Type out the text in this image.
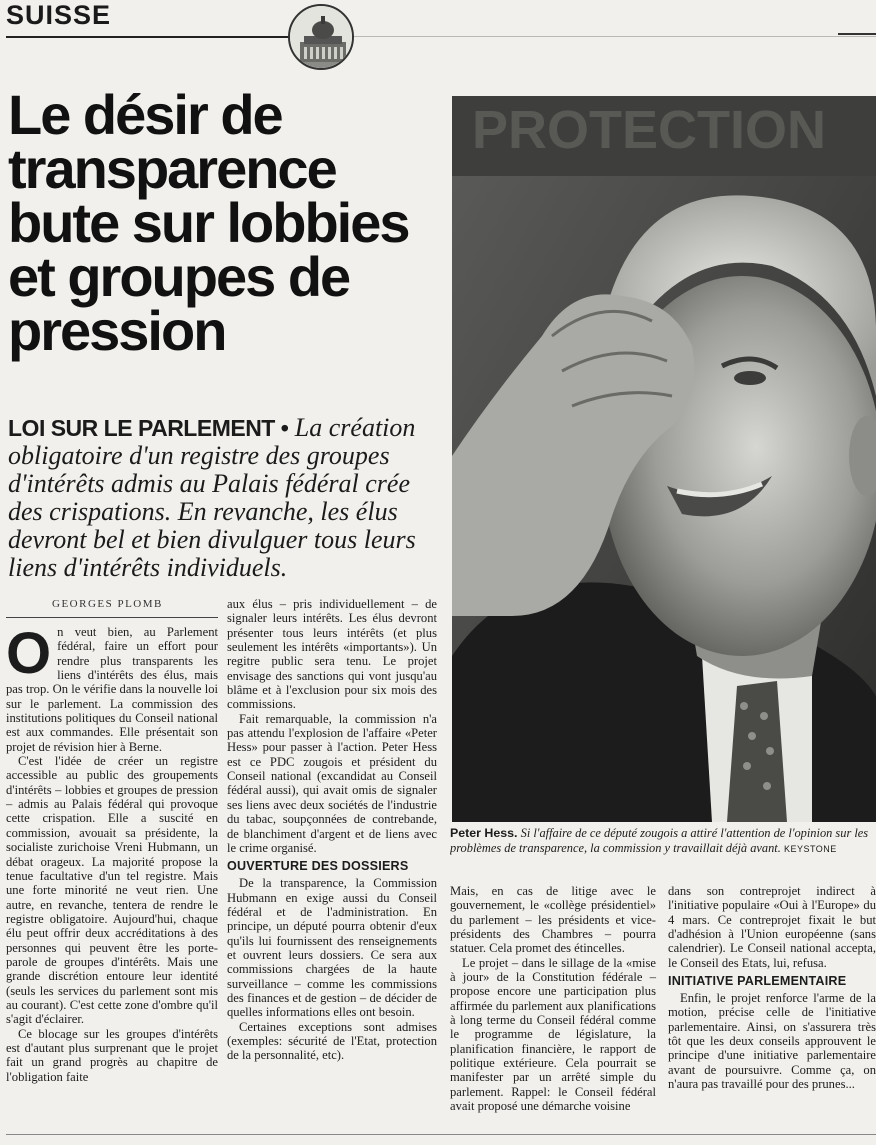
SUISSE
Le désir de transparence bute sur lobbies et groupes de pression
LOI SUR LE PARLEMENT • La création obligatoire d'un registre des groupes d'intérêts admis au Palais fédéral crée des crispations. En revanche, les élus devront bel et bien divulguer tous leurs liens d'intérêts individuels.
GEORGES PLOMB

On veut bien, au Parlement fédéral, faire un effort pour rendre plus transparents les liens d'intérêts des élus, mais pas trop. On le vérifie dans la nouvelle loi sur le parlement. La commission des institutions politiques du Conseil national est aux commandes. Elle présentait son projet de révision hier à Berne.

C'est l'idée de créer un registre accessible au public des groupements d'intérêts – lobbies et groupes de pression – admis au Palais fédéral qui provoque cette crispation. Elle a suscité en commission, avouait sa présidente, la socialiste zurichoise Vreni Hubmann, un débat orageux. La majorité propose la tenue facultative d'un tel registre. Mais une forte minorité ne veut rien. Une autre, en revanche, tentera de rendre le registre obligatoire. Aujourd'hui, chaque élu peut offrir deux accréditations à des personnes qui peuvent être les porte-parole de groupes d'intérêts. Mais une grande discrétion entoure leur identité (seuls les services du parlement sont mis au courant). C'est cette zone d'ombre qu'il s'agit d'éclairer.

Ce blocage sur les groupes d'intérêts est d'autant plus surprenant que le projet fait un grand progrès au chapitre de l'obligation faite

aux élus – pris individuellement – de signaler leurs intérêts. Les élus devront présenter tous leurs intérêts (et plus seulement les intérêts «importants»). Un regitre public sera tenu. Le projet envisage des sanctions qui vont jusqu'au blâme et à l'exclusion pour six mois des commissions.

Fait remarquable, la commission n'a pas attendu l'explosion de l'affaire «Peter Hess» pour passer à l'action. Peter Hess est ce PDC zougois et président du Conseil national (excandidat au Conseil fédéral aussi), qui avait omis de signaler ses liens avec deux sociétés de l'industrie du tabac, soupçonnées de contrebande, de blanchiment d'argent et de liens avec le crime organisé.

OUVERTURE DES DOSSIERS

De la transparence, la Commission Hubmann en exige aussi du Conseil fédéral et de l'administration. En principe, un député pourra obtenir d'eux qu'ils lui fournissent des renseignements et ouvrent leurs dossiers. Ce sera aux commissions chargées de la haute surveillance – comme les commissions des finances et de gestion – de décider de quelles informations elles ont besoin.

Certaines exceptions sont admises (exemples: sécurité de l'Etat, protection de la personnalité, etc).

PROTECTION
Peter Hess. Si l'affaire de ce député zougois a attiré l'attention de l'opinion sur les problèmes de transparence, la commission y travaillait déjà avant. KEYSTONE

Mais, en cas de litige avec le gouvernement, le «collège présidentiel» du parlement – les présidents et vice-présidents des Chambres – pourra statuer. Cela promet des étincelles.

Le projet – dans le sillage de la «mise à jour» de la Constitution fédérale – propose encore une participation plus affirmée du parlement aux planifications à long terme du Conseil fédéral comme le programme de législature, la planification financière, le rapport de politique extérieure. Cela pourrait se manifester par un arrêté simple du parlement. Rappel: le Conseil fédéral avait proposé une démarche voisine

dans son contreprojet indirect à l'initiative populaire «Oui à l'Europe» du 4 mars. Ce contreprojet fixait le but d'adhésion à l'Union européenne (sans calendrier). Le Conseil national accepta, le Conseil des Etats, lui, refusa.

INITIATIVE PARLEMENTAIRE

Enfin, le projet renforce l'arme de la motion, précise celle de l'initiative parlementaire. Ainsi, on s'assurera très tôt que les deux conseils approuvent le principe d'une initiative parlementaire avant de poursuivre. Comme ça, on n'aura pas travaillé pour des prunes...
